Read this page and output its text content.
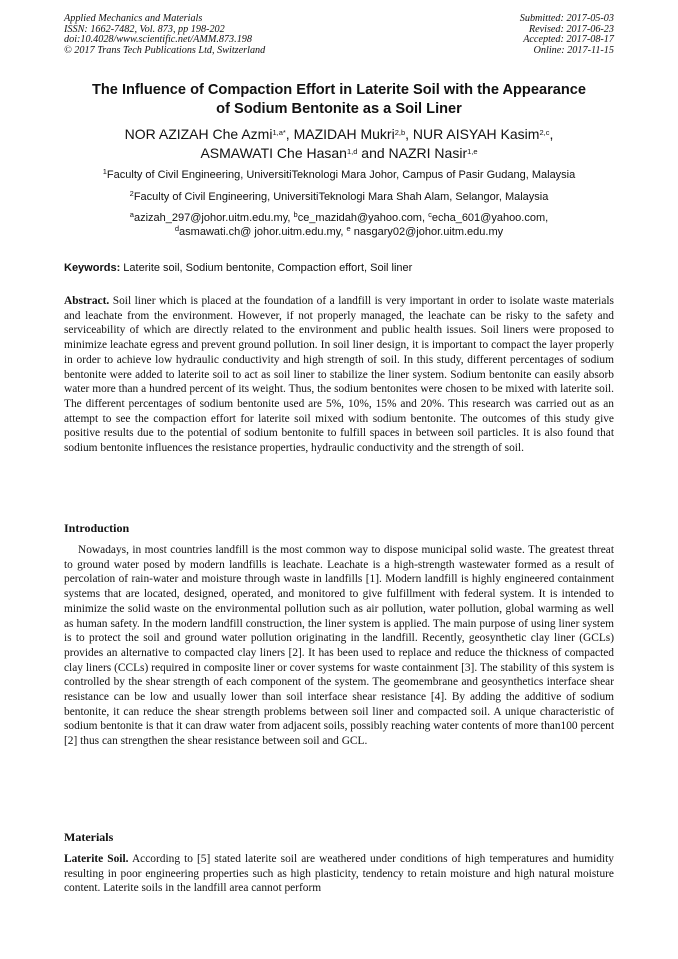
Applied Mechanics and Materials
ISSN: 1662-7482, Vol. 873, pp 198-202
doi:10.4028/www.scientific.net/AMM.873.198
© 2017 Trans Tech Publications Ltd, Switzerland
Submitted: 2017-05-03
Revised: 2017-06-23
Accepted: 2017-08-17
Online: 2017-11-15
The Influence of Compaction Effort in Laterite Soil with the Appearance
of Sodium Bentonite as a Soil Liner
NOR AZIZAH Che Azmi$^{1,a*}$, MAZIDAH Mukri$^{2,b}$, NUR AISYAH Kasim$^{2,c}$,
ASMAWATI Che Hasan$^{1,d}$ and NAZRI Nasir$^{1,e}$
$^1$Faculty of Civil Engineering, UniversitiTeknologi Mara Johor, Campus of Pasir Gudang, Malaysia
$^2$Faculty of Civil Engineering, UniversitiTeknologi Mara Shah Alam, Selangor, Malaysia
$^a$azizah_297@johor.uitm.edu.my, $^b$ce_mazidah@yahoo.com, $^c$echa_601@yahoo.com,
$^d$asmawati.ch@ johor.uitm.edu.my, $^e$ nasgary02@johor.uitm.edu.my
Keywords: Laterite soil, Sodium bentonite, Compaction effort, Soil liner

Abstract. Soil liner which is placed at the foundation of a landfill is very important in order to isolate waste materials and leachate from the environment. However, if not properly managed, the leachate can be risky to the safety and serviceability of which are directly related to the environment and public health issues. Soil liners were proposed to minimize leachate egress and prevent ground pollution. In soil liner design, it is important to compact the layer properly in order to achieve low hydraulic conductivity and high strength of soil. In this study, different percentages of sodium bentonite were added to laterite soil to act as soil liner to stabilize the liner system. Sodium bentonite can easily absorb water more than a hundred percent of its weight. Thus, the sodium bentonites were chosen to be mixed with laterite soil. The different percentages of sodium bentonite used are 5%, 10%, 15% and 20%. This research was carried out as an attempt to see the compaction effort for laterite soil mixed with sodium bentonite. The outcomes of this study give positive results due to the potential of sodium bentonite to fulfill spaces in between soil particles. It is also found that sodium bentonite influences the resistance properties, hydraulic conductivity and the strength of soil.

Introduction

Nowadays, in most countries landfill is the most common way to dispose municipal solid waste. The greatest threat to ground water posed by modern landfills is leachate. Leachate is a high-strength wastewater formed as a result of percolation of rain-water and moisture through waste in landfills [1]. Modern landfill is highly engineered containment systems that are located, designed, operated, and monitored to give fulfillment with federal system. It is intended to minimize the solid waste on the environmental pollution such as air pollution, water pollution, global warming as well as human safety. In the modern landfill construction, the liner system is applied. The main purpose of using liner system is to protect the soil and ground water pollution originating in the landfill. Recently, geosynthetic clay liner (GCLs) provides an alternative to compacted clay liners [2]. It has been used to replace and reduce the thickness of compacted clay liners (CCLs) required in composite liner or cover systems for waste containment [3]. The stability of this system is controlled by the shear strength of each component of the system. The geomembrane and geosynthetics interface shear resistance can be low and usually lower than soil interface shear resistance [4]. By adding the additive of sodium bentonite, it can reduce the shear strength problems between soil liner and compacted soil. A unique characteristic of sodium bentonite is that it can draw water from adjacent soils, possibly reaching water contents of more than100 percent [2] thus can strengthen the shear resistance between soil and GCL.

Materials

Laterite Soil. According to [5] stated laterite soil are weathered under conditions of high temperatures and humidity resulting in poor engineering properties such as high plasticity, tendency to retain moisture and high natural moisture content. Laterite soils in the landfill area cannot perform
